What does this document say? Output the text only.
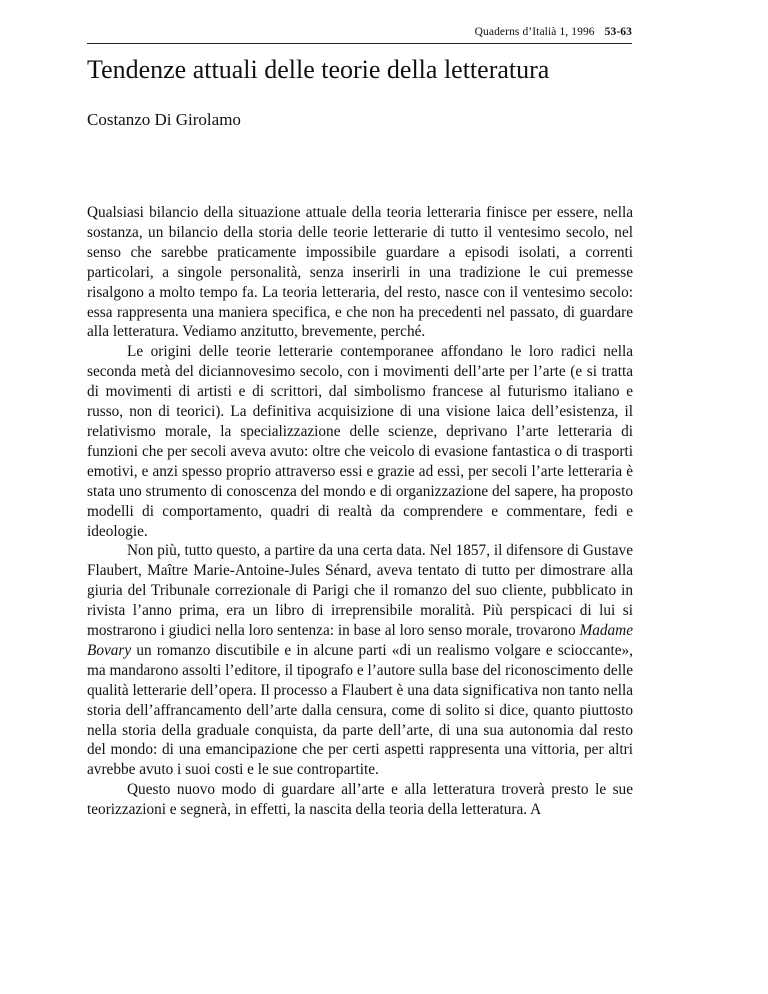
Quaderns d’Italià 1, 1996 53-63
Tendenze attuali delle teorie della letteratura
Costanzo Di Girolamo

Qualsiasi bilancio della situazione attuale della teoria letteraria finisce per essere, nella sostanza, un bilancio della storia delle teorie letterarie di tutto il ventesimo secolo, nel senso che sarebbe praticamente impossibile guardare a episodi isolati, a correnti particolari, a singole personalità, senza inserirli in una tradizione le cui premesse risalgono a molto tempo fa. La teoria letteraria, del resto, nasce con il ventesimo secolo: essa rappresenta una maniera specifica, e che non ha precedenti nel passato, di guardare alla letteratura. Vediamo anzitutto, brevemente, perché.

Le origini delle teorie letterarie contemporanee affondano le loro radici nella seconda metà del diciannovesimo secolo, con i movimenti dell’arte per l’arte (e si tratta di movimenti di artisti e di scrittori, dal simbolismo francese al futurismo italiano e russo, non di teorici). La definitiva acquisizione di una visione laica dell’esistenza, il relativismo morale, la specializzazione delle scienze, deprivano l’arte letteraria di funzioni che per secoli aveva avuto: oltre che veicolo di evasione fantastica o di trasporti emotivi, e anzi spesso proprio attraverso essi e grazie ad essi, per secoli l’arte letteraria è stata uno strumento di conoscenza del mondo e di organizzazione del sapere, ha proposto modelli di comportamento, quadri di realtà da comprendere e commentare, fedi e ideologie.

Non più, tutto questo, a partire da una certa data. Nel 1857, il difensore di Gustave Flaubert, Maître Marie-Antoine-Jules Sénard, aveva tentato di tutto per dimostrare alla giuria del Tribunale correzionale di Parigi che il romanzo del suo cliente, pubblicato in rivista l’anno prima, era un libro di irreprensibile moralità. Più perspicaci di lui si mostrarono i giudici nella loro sentenza: in base al loro senso morale, trovarono Madame Bovary un romanzo discutibile e in alcune parti «di un realismo volgare e scioccante», ma mandarono assolti l’editore, il tipografo e l’autore sulla base del riconoscimento delle qualità letterarie dell’opera. Il processo a Flaubert è una data significativa non tanto nella storia dell’affrancamento dell’arte dalla censura, come di solito si dice, quanto piuttosto nella storia della graduale conquista, da parte dell’arte, di una sua autonomia dal resto del mondo: di una emancipazione che per certi aspetti rappresenta una vittoria, per altri avrebbe avuto i suoi costi e le sue contropartite.

Questo nuovo modo di guardare all’arte e alla letteratura troverà presto le sue teorizzazioni e segnerà, in effetti, la nascita della teoria della letteratura. A
